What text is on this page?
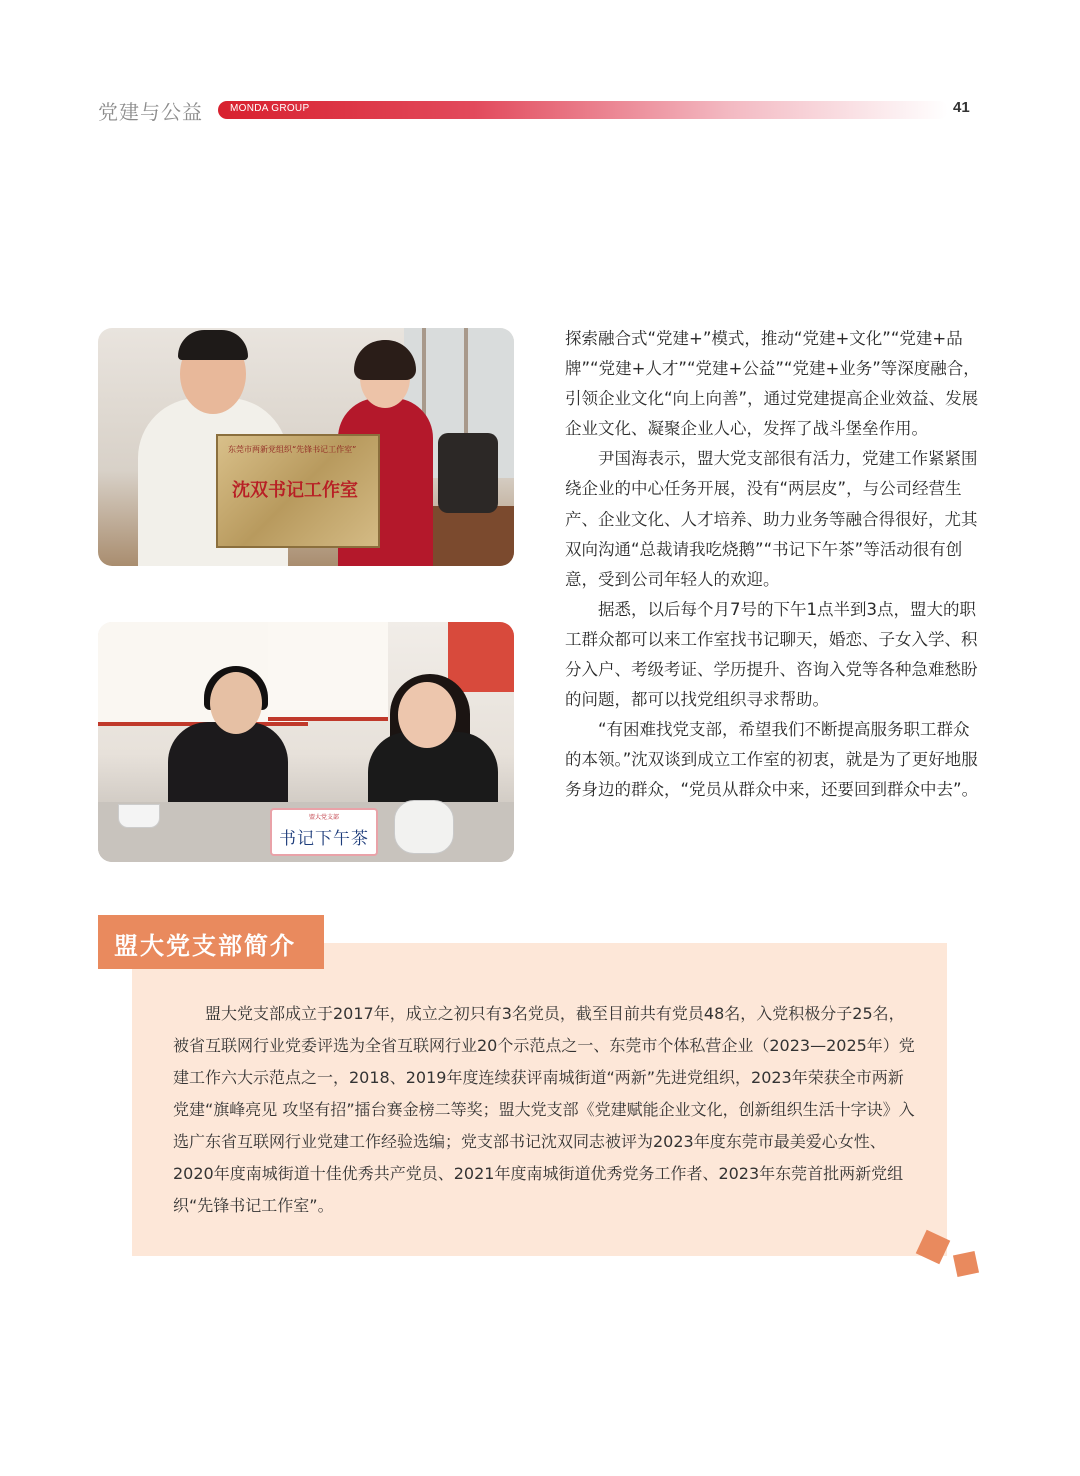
党建与公益	MONDA GROUP	41
东莞市两新党组织“先锋书记工作室”
沈双书记工作室
盟大党支部
书记下午茶

探索融合式“党建+”模式，推动“党建+文化”“党建+品牌”“党建+人才”“党建+公益”“党建+业务”等深度融合，引领企业文化“向上向善”，通过党建提高企业效益、发展企业文化、凝聚企业人心，发挥了战斗堡垒作用。

尹国海表示，盟大党支部很有活力，党建工作紧紧围绕企业的中心任务开展，没有“两层皮”，与公司经营生产、企业文化、人才培养、助力业务等融合得很好，尤其双向沟通“总裁请我吃烧鹅”“书记下午茶”等活动很有创意，受到公司年轻人的欢迎。

据悉，以后每个月7号的下午1点半到3点，盟大的职工群众都可以来工作室找书记聊天，婚恋、子女入学、积分入户、考级考证、学历提升、咨询入党等各种急难愁盼的问题，都可以找党组织寻求帮助。

“有困难找党支部，希望我们不断提高服务职工群众的本领。”沈双谈到成立工作室的初衷，就是为了更好地服务身边的群众，“党员从群众中来，还要回到群众中去”。

盟大党支部简介

盟大党支部成立于2017年，成立之初只有3名党员，截至目前共有党员48名，入党积极分子25名，被省互联网行业党委评选为全省互联网行业20个示范点之一、东莞市个体私营企业（2023—2025年）党建工作六大示范点之一，2018、2019年度连续获评南城街道“两新”先进党组织，2023年荣获全市两新党建“旗峰亮见 攻坚有招”擂台赛金榜二等奖；盟大党支部《党建赋能企业文化，创新组织生活十字诀》入选广东省互联网行业党建工作经验选编；党支部书记沈双同志被评为2023年度东莞市最美爱心女性、2020年度南城街道十佳优秀共产党员、2021年度南城街道优秀党务工作者、2023年东莞首批两新党组织“先锋书记工作室”。
